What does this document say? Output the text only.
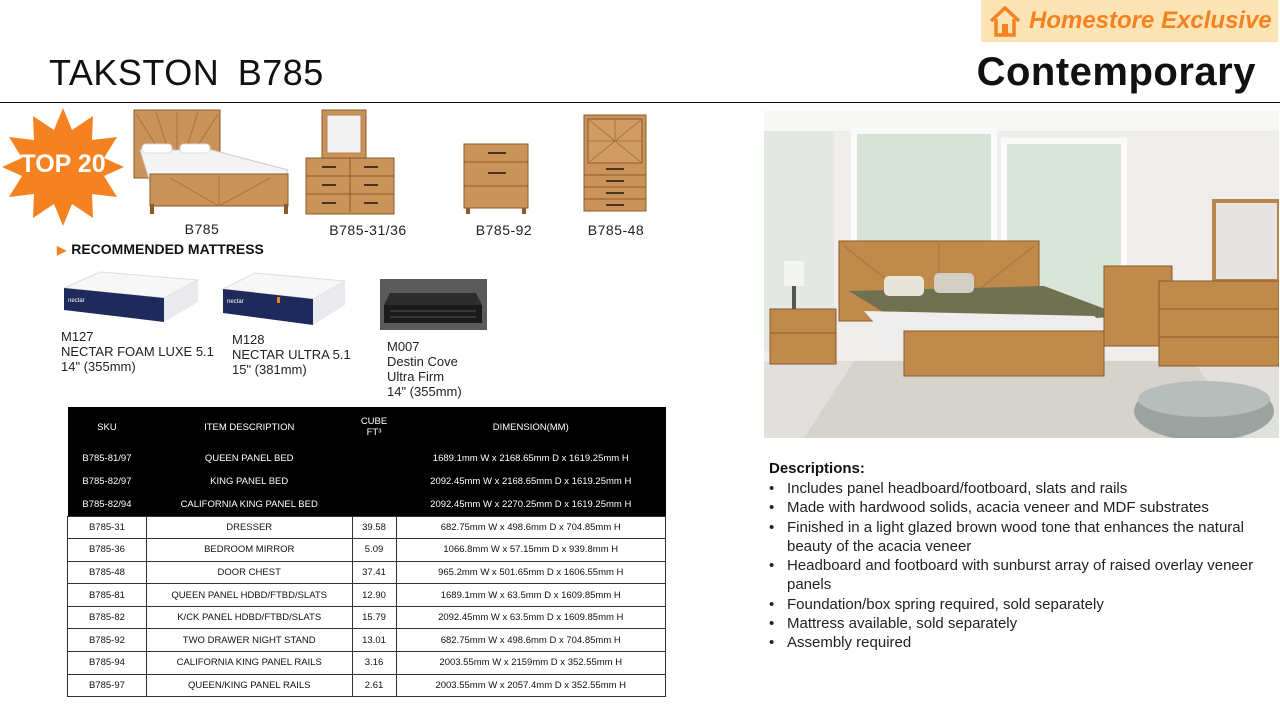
TAKSTON B785
Homestore Exclusive
Contemporary
TOP 20
B785	B785-31/36	B785-92	B785-48
▶ RECOMMENDED MATTRESS
nectar
M127
NECTAR FOAM LUXE 5.1
14" (355mm)
nectar
M128
NECTAR ULTRA 5.1
15" (381mm)
M007
Destin Cove
Ultra Firm
14" (355mm)
SKU	ITEM DESCRIPTION	CUBE FT³	DIMENSION(MM)
B785-81/97	QUEEN PANEL BED		1689.1mm W x 2168.65mm D x 1619.25mm H
B785-82/97	KING PANEL BED		2092.45mm W x 2168.65mm D x 1619.25mm H
B785-82/94	CALIFORNIA KING PANEL BED		2092.45mm W x 2270.25mm D x 1619.25mm H
B785-31	DRESSER	39.58	682.75mm W x 498.6mm D x 704.85mm H
B785-36	BEDROOM MIRROR	5.09	1066.8mm W x 57.15mm D x 939.8mm H
B785-48	DOOR CHEST	37.41	965.2mm W x 501.65mm D x 1606.55mm H
B785-81	QUEEN PANEL HDBD/FTBD/SLATS	12.90	1689.1mm W x 63.5mm D x 1609.85mm H
B785-82	K/CK PANEL HDBD/FTBD/SLATS	15.79	2092.45mm W x 63.5mm D x 1609.85mm H
B785-92	TWO DRAWER NIGHT STAND	13.01	682.75mm W x 498.6mm D x 704.85mm H
B785-94	CALIFORNIA KING PANEL RAILS	3.16	2003.55mm W x 2159mm D x 352.55mm H
B785-97	QUEEN/KING PANEL RAILS	2.61	2003.55mm W x 2057.4mm D x 352.55mm H
Descriptions:
• Includes panel headboard/footboard, slats and rails
• Made with hardwood solids, acacia veneer and MDF substrates
• Finished in a light glazed brown wood tone that enhances the natural beauty of the acacia veneer
• Headboard and footboard with sunburst array of raised overlay veneer panels
• Foundation/box spring required, sold separately
• Mattress available, sold separately
• Assembly required
